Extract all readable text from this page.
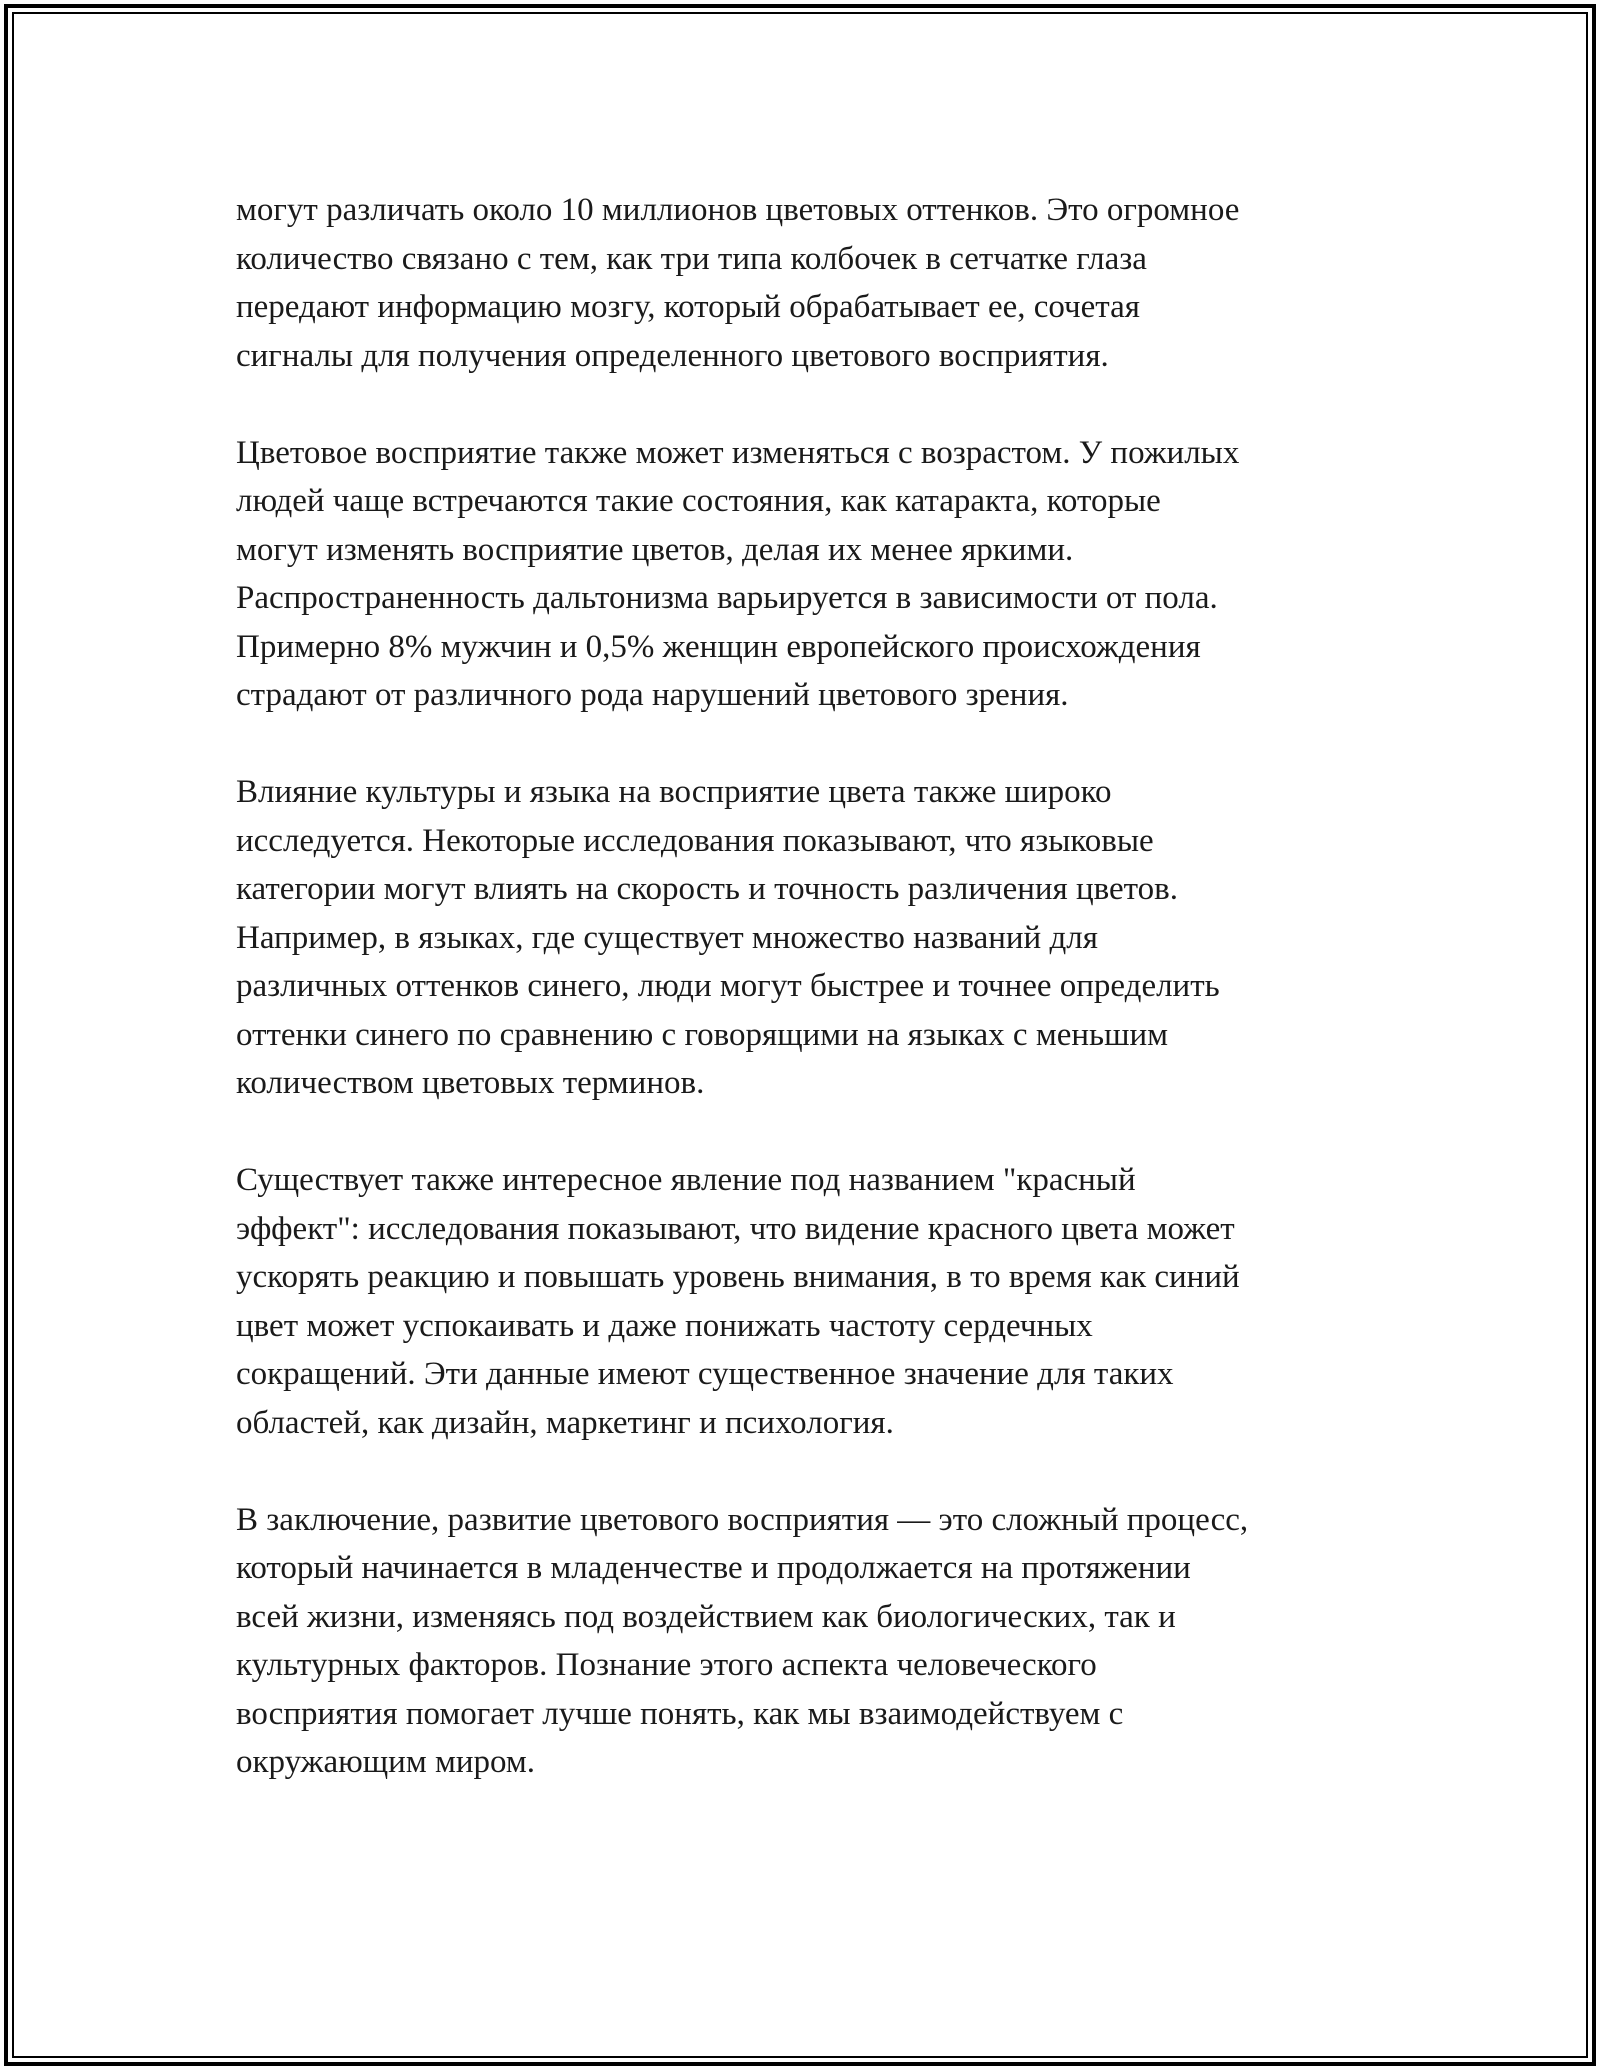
могут различать около 10 миллионов цветовых оттенков. Это огромное
количество связано с тем, как три типа колбочек в сетчатке глаза
передают информацию мозгу, который обрабатывает ее, сочетая
сигналы для получения определенного цветового восприятия.

Цветовое восприятие также может изменяться с возрастом. У пожилых
людей чаще встречаются такие состояния, как катаракта, которые
могут изменять восприятие цветов, делая их менее яркими.
Распространенность дальтонизма варьируется в зависимости от пола.
Примерно 8% мужчин и 0,5% женщин европейского происхождения
страдают от различного рода нарушений цветового зрения.

Влияние культуры и языка на восприятие цвета также широко
исследуется. Некоторые исследования показывают, что языковые
категории могут влиять на скорость и точность различения цветов.
Например, в языках, где существует множество названий для
различных оттенков синего, люди могут быстрее и точнее определить
оттенки синего по сравнению с говорящими на языках с меньшим
количеством цветовых терминов.

Существует также интересное явление под названием "красный
эффект": исследования показывают, что видение красного цвета может
ускорять реакцию и повышать уровень внимания, в то время как синий
цвет может успокаивать и даже понижать частоту сердечных
сокращений. Эти данные имеют существенное значение для таких
областей, как дизайн, маркетинг и психология.

В заключение, развитие цветового восприятия — это сложный процесс,
который начинается в младенчестве и продолжается на протяжении
всей жизни, изменяясь под воздействием как биологических, так и
культурных факторов. Познание этого аспекта человеческого
восприятия помогает лучше понять, как мы взаимодействуем с
окружающим миром.
